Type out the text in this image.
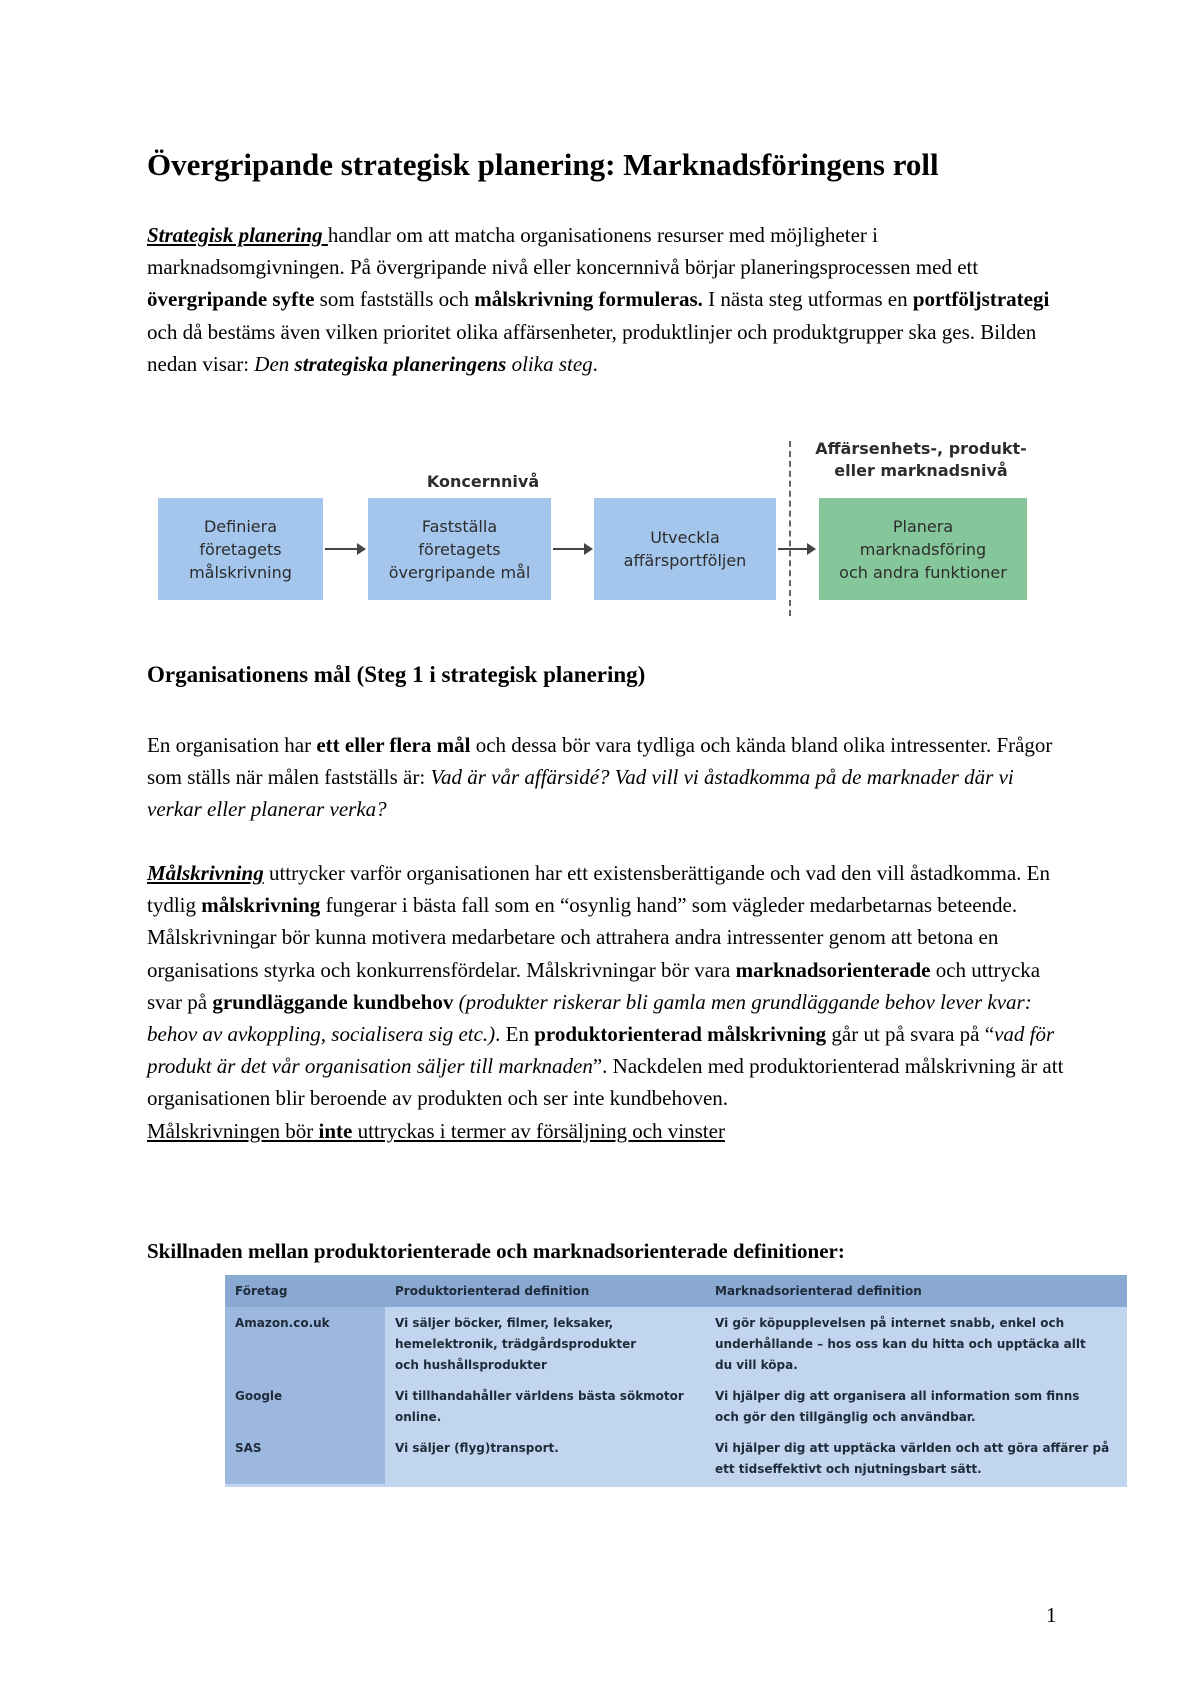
Övergripande strategisk planering: Marknadsföringens roll

Strategisk planering handlar om att matcha organisationens resurser med möjligheter i marknadsomgivningen. På övergripande nivå eller koncernnivå börjar planeringsprocessen med ett övergripande syfte som fastställs och målskrivning formuleras. I nästa steg utformas en portföljstrategi och då bestäms även vilken prioritet olika affärsenheter, produktlinjer och produktgrupper ska ges. Bilden nedan visar: Den strategiska planeringens olika steg.

Koncernnivå
Affärsenhets-, produkt-
eller marknadsnivå
Definiera
företagets
målskrivning
Fastställa
företagets
övergripande mål
Utveckla
affärsportföljen
Planera
marknadsföring
och andra funktioner
Organisationens mål (Steg 1 i strategisk planering)

En organisation har ett eller flera mål och dessa bör vara tydliga och kända bland olika intressenter. Frågor som ställs när målen fastställs är: Vad är vår affärsidé? Vad vill vi åstadkomma på de marknader där vi verkar eller planerar verka?

Målskrivning uttrycker varför organisationen har ett existensberättigande och vad den vill åstadkomma. En tydlig målskrivning fungerar i bästa fall som en “osynlig hand” som vägleder medarbetarnas beteende. Målskrivningar bör kunna motivera medarbetare och attrahera andra intressenter genom att betona en organisations styrka och konkurrensfördelar. Målskrivningar bör vara marknadsorienterade och uttrycka svar på grundläggande kundbehov (produkter riskerar bli gamla men grundläggande behov lever kvar: behov av avkoppling, socialisera sig etc.). En produktorienterad målskrivning går ut på svara på “vad för produkt är det vår organisation säljer till marknaden”. Nackdelen med produktorienterad målskrivning är att organisationen blir beroende av produkten och ser inte kundbehoven.

Målskrivningen bör inte uttryckas i termer av försäljning och vinster

Skillnaden mellan produktorienterade och marknadsorienterade definitioner:
Företag	Produktorienterad definition	Marknadsorienterad definition
Amazon.co.uk	Vi säljer böcker, filmer, leksaker,
hemelektronik, trädgårdsprodukter
och hushållsprodukter	Vi gör köpupplevelsen på internet snabb, enkel och
underhållande – hos oss kan du hitta och upptäcka allt
du vill köpa.
Google	Vi tillhandahåller världens bästa sökmotor
online.	Vi hjälper dig att organisera all information som finns
och gör den tillgänglig och användbar.
SAS	Vi säljer (flyg)transport.	Vi hjälper dig att upptäcka världen och att göra affärer på
ett tidseffektivt och njutningsbart sätt.
1
